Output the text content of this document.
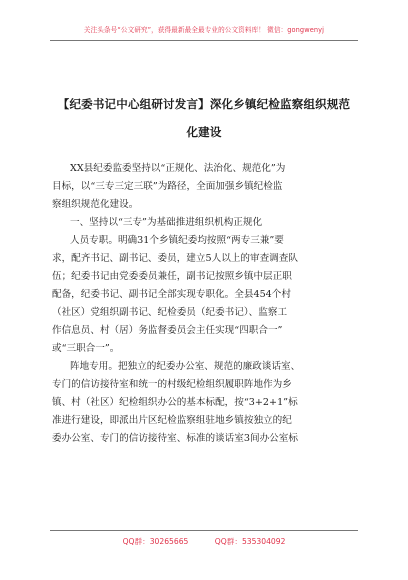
关注头条号“公文研究”，获得最新最全最专业的公文资料库！ 微信：gongwenyj
【纪委书记中心组研讨发言】深化乡镇纪检监察组织规范
化建设
XX县纪委监委坚持以“正规化、法治化、规范化”为
目标，以“三专三定三联”为路径，全面加强乡镇纪检监
察组织规范化建设。
一、坚持以“三专”为基础推进组织机构正规化
人员专职。明确31个乡镇纪委均按照“两专三兼”要
求，配齐书记、副书记、委员，建立5人以上的审查调查队
伍；纪委书记由党委委员兼任，副书记按照乡镇中层正职
配备，纪委书记、副书记全部实现专职化。全县454个村
（社区）党组织副书记、纪检委员（纪委书记）、监察工
作信息员、村（居）务监督委员会主任实现“四职合一”
或“三职合一”。
阵地专用。把独立的纪委办公室、规范的廉政谈话室、
专门的信访接待室和统一的村级纪检组织履职阵地作为乡
镇、村（社区）纪检组织办公的基本标配，按“3+2+1”标
准进行建设，即派出片区纪检监察组驻地乡镇按独立的纪
委办公室、专门的信访接待室、标准的谈话室3间办公室标
QQ群：30265665	QQ群：535304092
